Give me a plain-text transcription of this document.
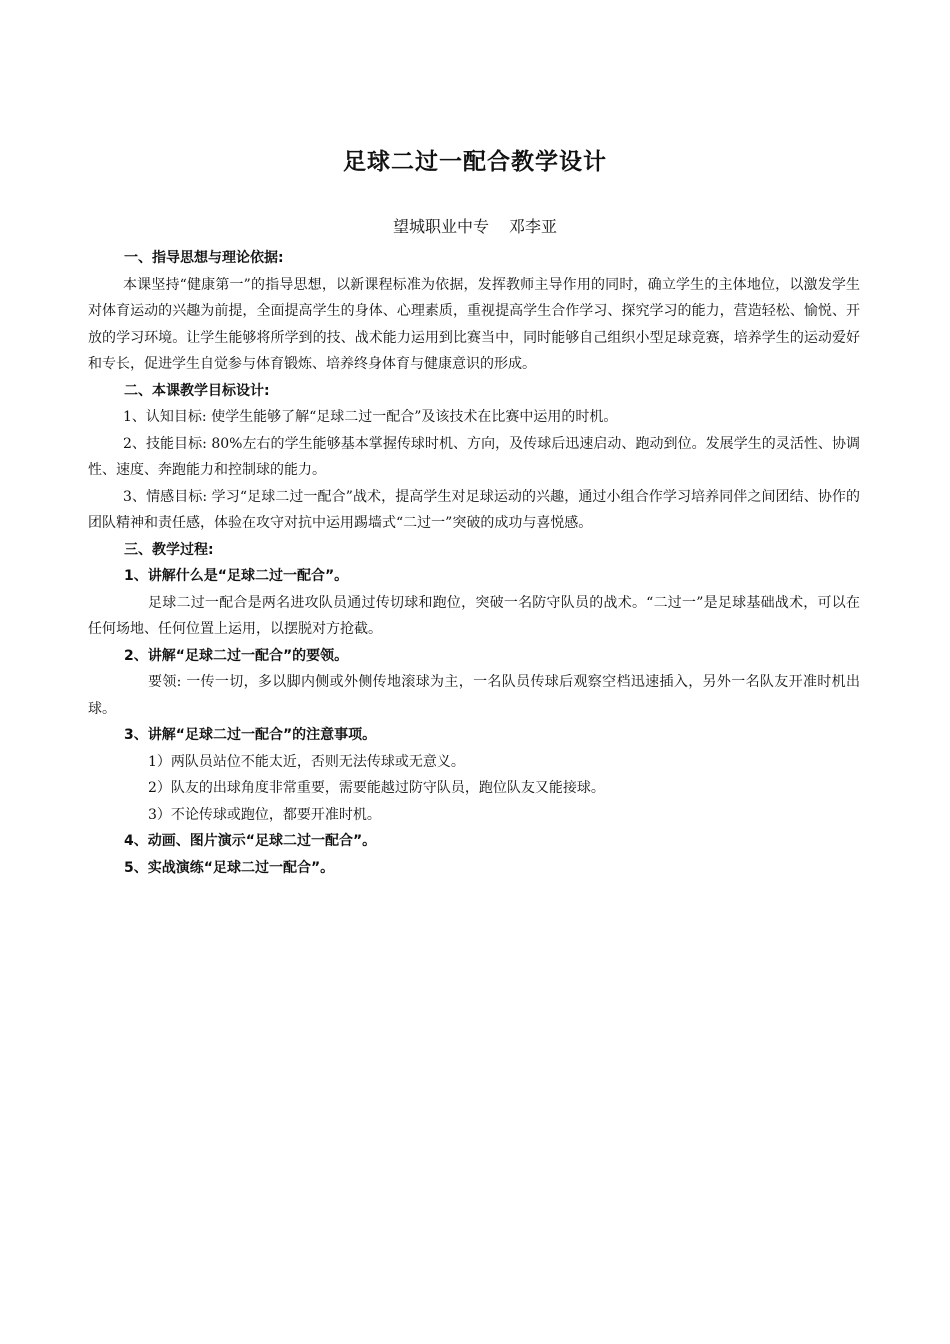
足球二过一配合教学设计
望城职业中专 邓李亚

一、指导思想与理论依据:

本课坚持“健康第一”的指导思想，以新课程标准为依据，发挥教师主导作用的同时，确立学生的主体地位，以激发学生对体育运动的兴趣为前提，全面提高学生的身体、心理素质，重视提高学生合作学习、探究学习的能力，营造轻松、愉悦、开放的学习环境。让学生能够将所学到的技、战术能力运用到比赛当中，同时能够自己组织小型足球竞赛，培养学生的运动爱好和专长，促进学生自觉参与体育锻炼、培养终身体育与健康意识的形成。

二、本课教学目标设计:

1、认知目标: 使学生能够了解“足球二过一配合”及该技术在比赛中运用的时机。

2、技能目标: 80%左右的学生能够基本掌握传球时机、方向，及传球后迅速启动、跑动到位。发展学生的灵活性、协调性、速度、奔跑能力和控制球的能力。

3、情感目标: 学习“足球二过一配合”战术，提高学生对足球运动的兴趣，通过小组合作学习培养同伴之间团结、协作的团队精神和责任感，体验在攻守对抗中运用踢墙式“二过一”突破的成功与喜悦感。

三、教学过程:

1、讲解什么是“足球二过一配合”。

足球二过一配合是两名进攻队员通过传切球和跑位，突破一名防守队员的战术。“二过一”是足球基础战术，可以在任何场地、任何位置上运用，以摆脱对方抢截。

2、讲解“足球二过一配合”的要领。

要领: 一传一切，多以脚内侧或外侧传地滚球为主，一名队员传球后观察空档迅速插入，另外一名队友开准时机出球。

3、讲解“足球二过一配合”的注意事项。

1）两队员站位不能太近，否则无法传球或无意义。

2）队友的出球角度非常重要，需要能越过防守队员，跑位队友又能接球。

3）不论传球或跑位，都要开准时机。

4、动画、图片演示“足球二过一配合”。

5、实战演练“足球二过一配合”。
